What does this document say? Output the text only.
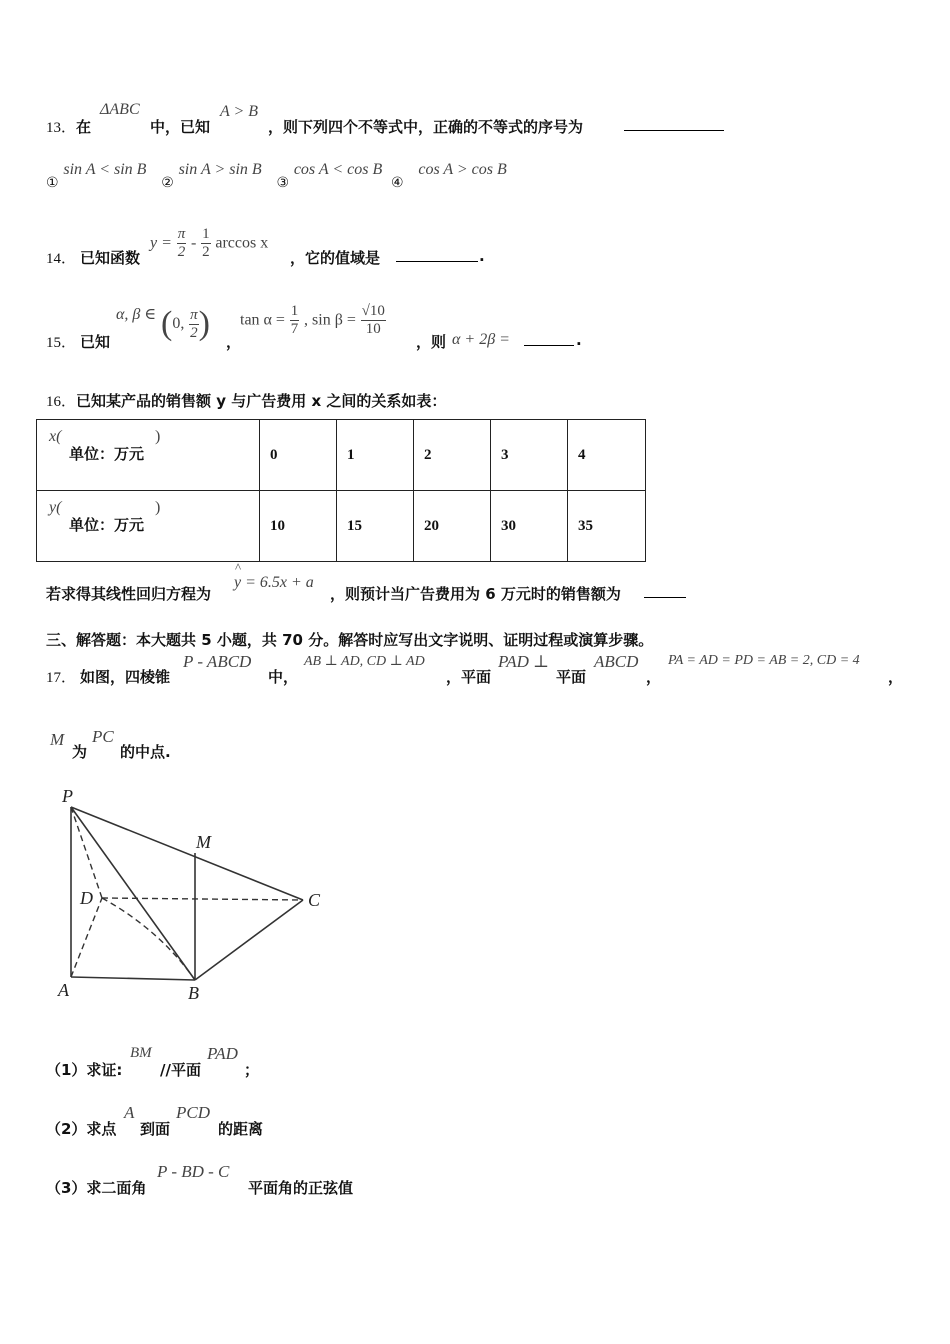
13．在
ΔABC
中，已知
A > B
，则下列四个不等式中，正确的不等式的序号为
① sin A < sin B ② sin A > sin B ③ cos A < cos B ④ cos A > cos B
14． 已知函数
$y = \frac{\pi}{2} - \frac{1}{2}$ arccos x
，它的值域是	.
15． 已知
α, β ∈ (0, $\frac{\pi}{2}$ ) ，
$\tan \alpha = \frac{1}{7}$ , $\sin \beta = \frac{√10}{10}$
，则 α + 2β =	.
16．已知某产品的销售额 y 与广告费用 x 之间的关系如表：
x(
单位：万元
)	0	1	2	3	4

y(
单位：万元
)	10	15	20	30	35
若求得其线性回归方程为
^
y = 6.5x + a
，则预计当广告费用为 6 万元时的销售额为
三、解答题：本大题共 5 小题，共 70 分。解答时应写出文字说明、证明过程或演算步骤。
17． 如图，四棱锥
P - ABCD
中，
AB ⊥ AD, CD ⊥ AD
，平面
PAD ⊥
平面
ABCD
，
PA = AD = PD = AB = 2, CD = 4
，
M
为
PC
的中点.
P
M
D	C
A	B
（1）求证:
BM
//平面
PAD
；
（2）求点
A
到面
PCD
的距离
（3）求二面角
P - BD - C
平面角的正弦值
